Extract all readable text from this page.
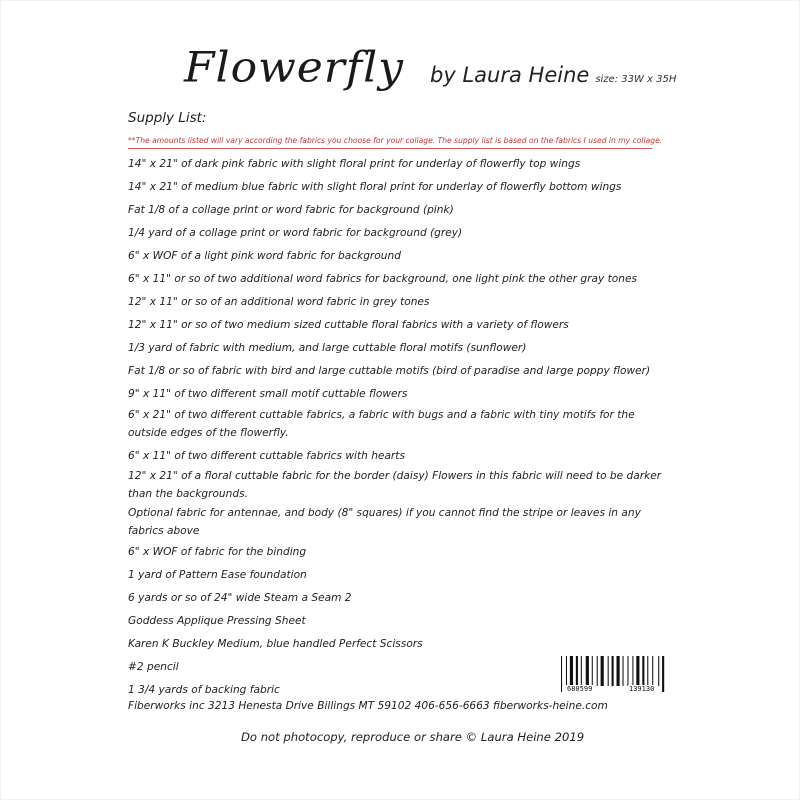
Flowerfly by Laura Heine size: 33W x 35H
Supply List:
**The amounts listed will vary according the fabrics you choose for your collage. The supply list is based on the fabrics I used in my collage.
14" x 21" of dark pink fabric with slight floral print for underlay of flowerfly top wings
14" x 21" of medium blue fabric with slight floral print for underlay of flowerfly bottom wings
Fat 1/8 of a collage print or word fabric for background (pink)
1/4 yard of a collage print or word fabric for background (grey)
6" x WOF of a light pink word fabric for background
6" x 11" or so of two additional word fabrics for background, one light pink the other gray tones
12" x 11" or so of an additional word fabric in grey tones
12" x 11" or so of two medium sized cuttable floral fabrics with a variety of flowers
1/3 yard of fabric with medium, and large cuttable floral motifs (sunflower)
Fat 1/8 or so of fabric with bird and large cuttable motifs (bird of paradise and large poppy flower)
9" x 11" of two different small motif cuttable flowers
6" x 21" of two different cuttable fabrics, a fabric with bugs and a fabric with tiny motifs for the outside edges of the flowerfly.
6" x 11" of two different cuttable fabrics with hearts
12" x 21" of a floral cuttable fabric for the border (daisy) Flowers in this fabric will need to be darker than the backgrounds.
Optional fabric for antennae, and body (8" squares) if you cannot find the stripe or leaves in any fabrics above
6" x WOF of fabric for the binding
1 yard of Pattern Ease foundation
6 yards or so of 24" wide Steam a Seam 2
Goddess Applique Pressing Sheet
Karen K Buckley Medium, blue handled Perfect Scissors
#2 pencil
1 3/4 yards of backing fabric	680599	139130
Fiberworks inc 3213 Henesta Drive Billings MT 59102 406-656-6663 fiberworks-heine.com
Do not photocopy, reproduce or share © Laura Heine 2019
